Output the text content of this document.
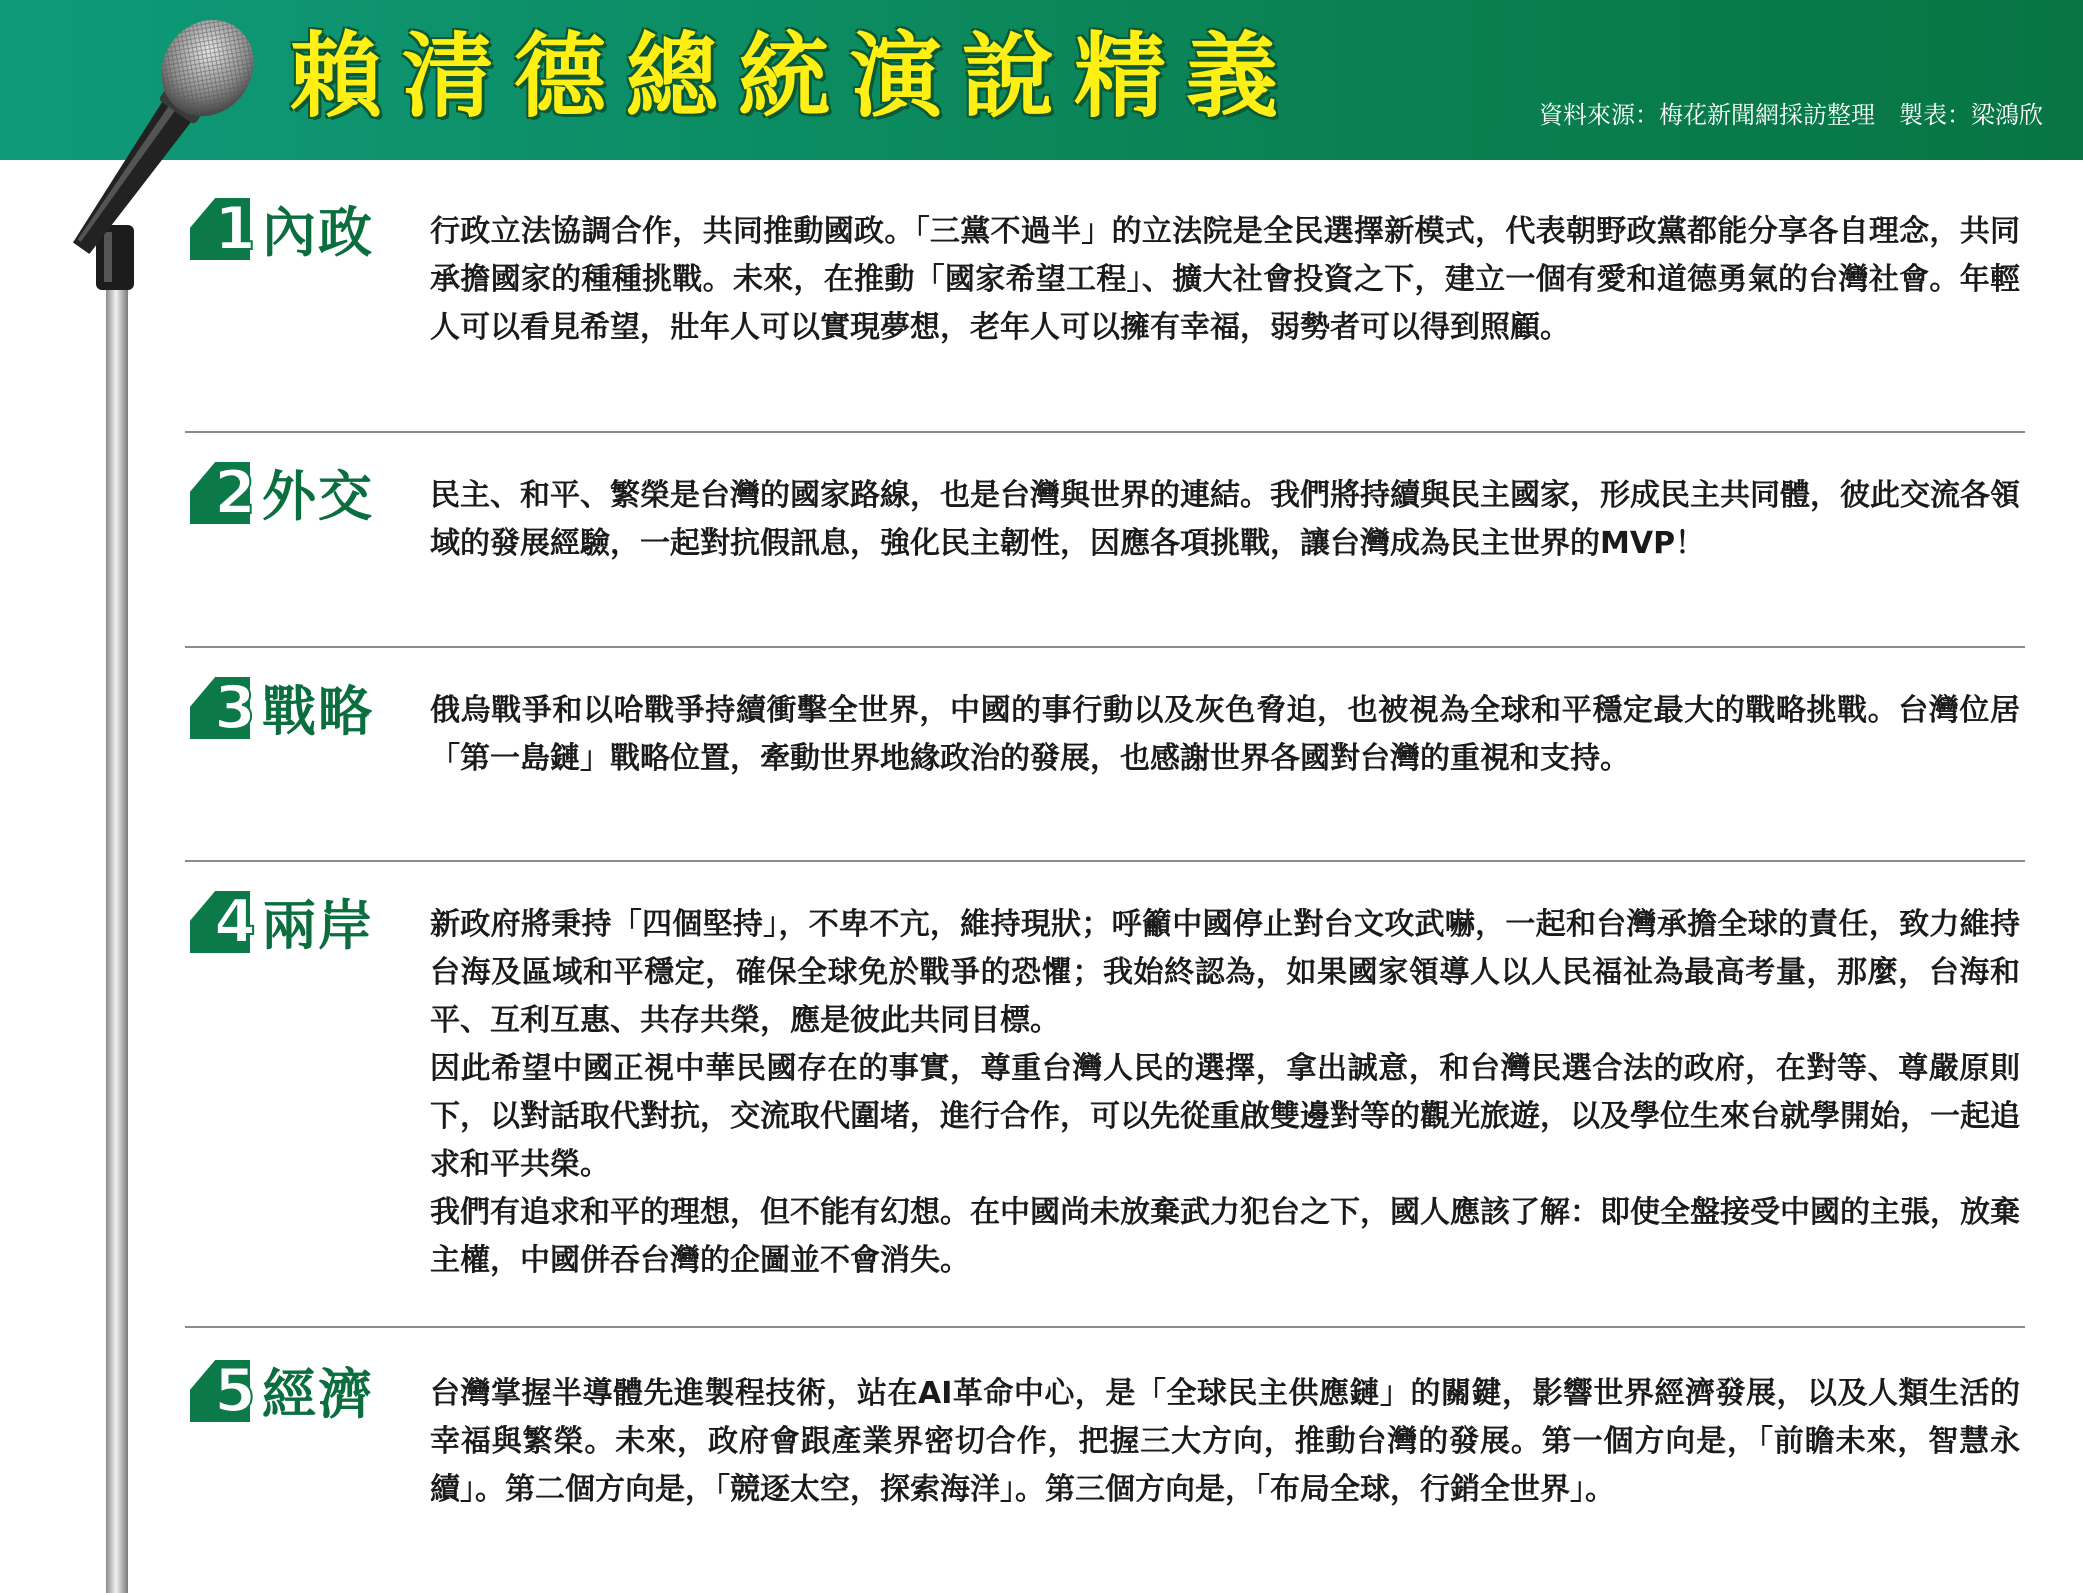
賴清德總統演說精義	資料來源：梅花新聞網採訪整理　製表：梁鴻欣
1 內政 行政立法協調合作，共同推動國政。「三黨不過半」的立法院是全民選擇新模式，代表朝野政黨都能分享各自理念，共同承擔國家的種種挑戰。未來，在推動「國家希望工程」、擴大社會投資之下，建立一個有愛和道德勇氣的台灣社會。年輕人可以看見希望，壯年人可以實現夢想，老年人可以擁有幸福，弱勢者可以得到照顧。
2 外交 民主、和平、繁榮是台灣的國家路線，也是台灣與世界的連結。我們將持續與民主國家，形成民主共同體，彼此交流各領域的發展經驗，一起對抗假訊息，強化民主韌性，因應各項挑戰，讓台灣成為民主世界的MVP！
3 戰略 俄烏戰爭和以哈戰爭持續衝擊全世界，中國的事行動以及灰色脅迫，也被視為全球和平穩定最大的戰略挑戰。台灣位居「第一島鏈」戰略位置，牽動世界地緣政治的發展，也感謝世界各國對台灣的重視和支持。
4 兩岸 新政府將秉持「四個堅持」，不卑不亢，維持現狀；呼籲中國停止對台文攻武嚇，一起和台灣承擔全球的責任，致力維持台海及區域和平穩定，確保全球免於戰爭的恐懼；我始終認為，如果國家領導人以人民福祉為最高考量，那麼，台海和平、互利互惠、共存共榮，應是彼此共同目標。
因此希望中國正視中華民國存在的事實，尊重台灣人民的選擇，拿出誠意，和台灣民選合法的政府，在對等、尊嚴原則下，以對話取代對抗，交流取代圍堵，進行合作，可以先從重啟雙邊對等的觀光旅遊，以及學位生來台就學開始，一起追求和平共榮。
我們有追求和平的理想，但不能有幻想。在中國尚未放棄武力犯台之下，國人應該了解：即使全盤接受中國的主張，放棄主權，中國併吞台灣的企圖並不會消失。
5 經濟 台灣掌握半導體先進製程技術，站在AI革命中心，是「全球民主供應鏈」的關鍵，影響世界經濟發展，以及人類生活的幸福與繁榮。未來，政府會跟產業界密切合作，把握三大方向，推動台灣的發展。第一個方向是，「前瞻未來，智慧永續」。第二個方向是，「競逐太空，探索海洋」。第三個方向是，「布局全球，行銷全世界」。
